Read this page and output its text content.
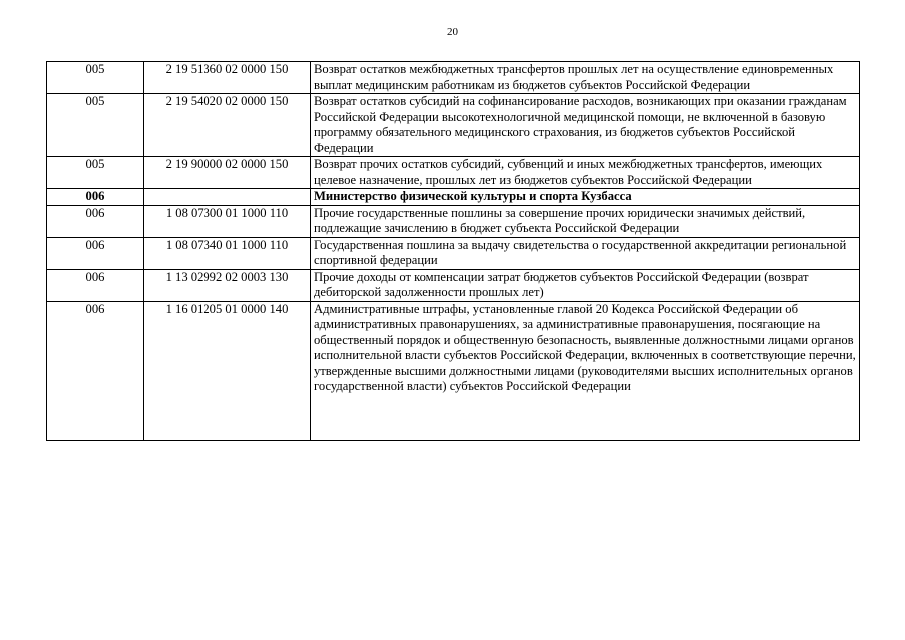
20
005	2 19 51360 02 0000 150	Возврат остатков межбюджетных трансфертов прошлых лет на осуществление единовременных выплат медицинским работникам из бюджетов субъектов Российской Федерации
005	2 19 54020 02 0000 150	Возврат остатков субсидий на софинансирование расходов, возникающих при оказании гражданам Российской Федерации высокотехнологичной медицинской помощи, не включенной в базовую программу обязательного медицинского страхования, из бюджетов субъектов Российской Федерации
005	2 19 90000 02 0000 150	Возврат прочих остатков субсидий, субвенций и иных межбюджетных трансфертов, имеющих целевое назначение, прошлых лет из бюджетов субъектов Российской Федерации
006		Министерство физической культуры и спорта Кузбасса
006	1 08 07300 01 1000 110	Прочие государственные пошлины за совершение прочих юридически значимых действий, подлежащие зачислению в бюджет субъекта Российской Федерации
006	1 08 07340 01 1000 110	Государственная пошлина за выдачу свидетельства о государственной аккредитации региональной спортивной федерации
006	1 13 02992 02 0003 130	Прочие доходы от компенсации затрат бюджетов субъектов Российской Федерации (возврат дебиторской задолженности прошлых лет)
006	1 16 01205 01 0000 140	Административные штрафы, установленные главой 20 Кодекса Российской Федерации об административных правонарушениях, за административные правонарушения, посягающие на общественный порядок и общественную безопасность, выявленные должностными лицами органов исполнительной власти субъектов Российской Федерации, включенных в соответствующие перечни, утвержденные высшими должностными лицами (руководителями высших исполнительных органов государственной власти) субъектов Российской Федерации
